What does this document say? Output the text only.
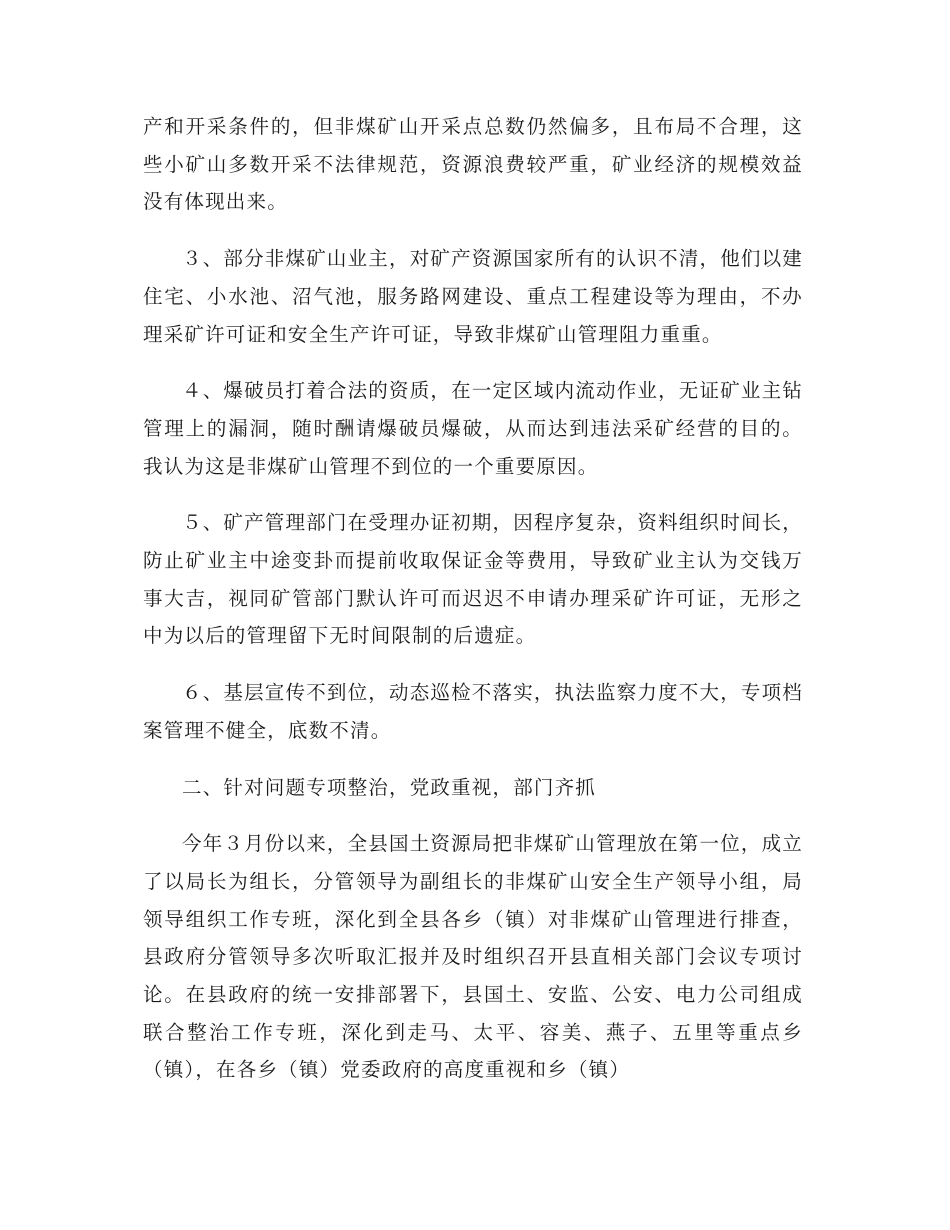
产和开采条件的，但非煤矿山开采点总数仍然偏多，且布局不合理，这些小矿山多数开采不法律规范，资源浪费较严重，矿业经济的规模效益没有体现出来。

３、部分非煤矿山业主，对矿产资源国家所有的认识不清，他们以建住宅、小水池、沼气池，服务路网建设、重点工程建设等为理由，不办理采矿许可证和安全生产许可证，导致非煤矿山管理阻力重重。

４、爆破员打着合法的资质，在一定区域内流动作业，无证矿业主钻管理上的漏洞，随时酬请爆破员爆破，从而达到违法采矿经营的目的。我认为这是非煤矿山管理不到位的一个重要原因。

５、矿产管理部门在受理办证初期，因程序复杂，资料组织时间长，防止矿业主中途变卦而提前收取保证金等费用，导致矿业主认为交钱万事大吉，视同矿管部门默认许可而迟迟不申请办理采矿许可证，无形之中为以后的管理留下无时间限制的后遗症。

６、基层宣传不到位，动态巡检不落实，执法监察力度不大，专项档案管理不健全，底数不清。

二、针对问题专项整治，党政重视，部门齐抓

今年３月份以来，全县国土资源局把非煤矿山管理放在第一位，成立了以局长为组长，分管领导为副组长的非煤矿山安全生产领导小组，局领导组织工作专班，深化到全县各乡（镇）对非煤矿山管理进行排查，县政府分管领导多次听取汇报并及时组织召开县直相关部门会议专项讨论。在县政府的统一安排部署下，县国土、安监、公安、电力公司组成联合整治工作专班，深化到走马、太平、容美、燕子、五里等重点乡（镇），在各乡（镇）党委政府的高度重视和乡（镇）
